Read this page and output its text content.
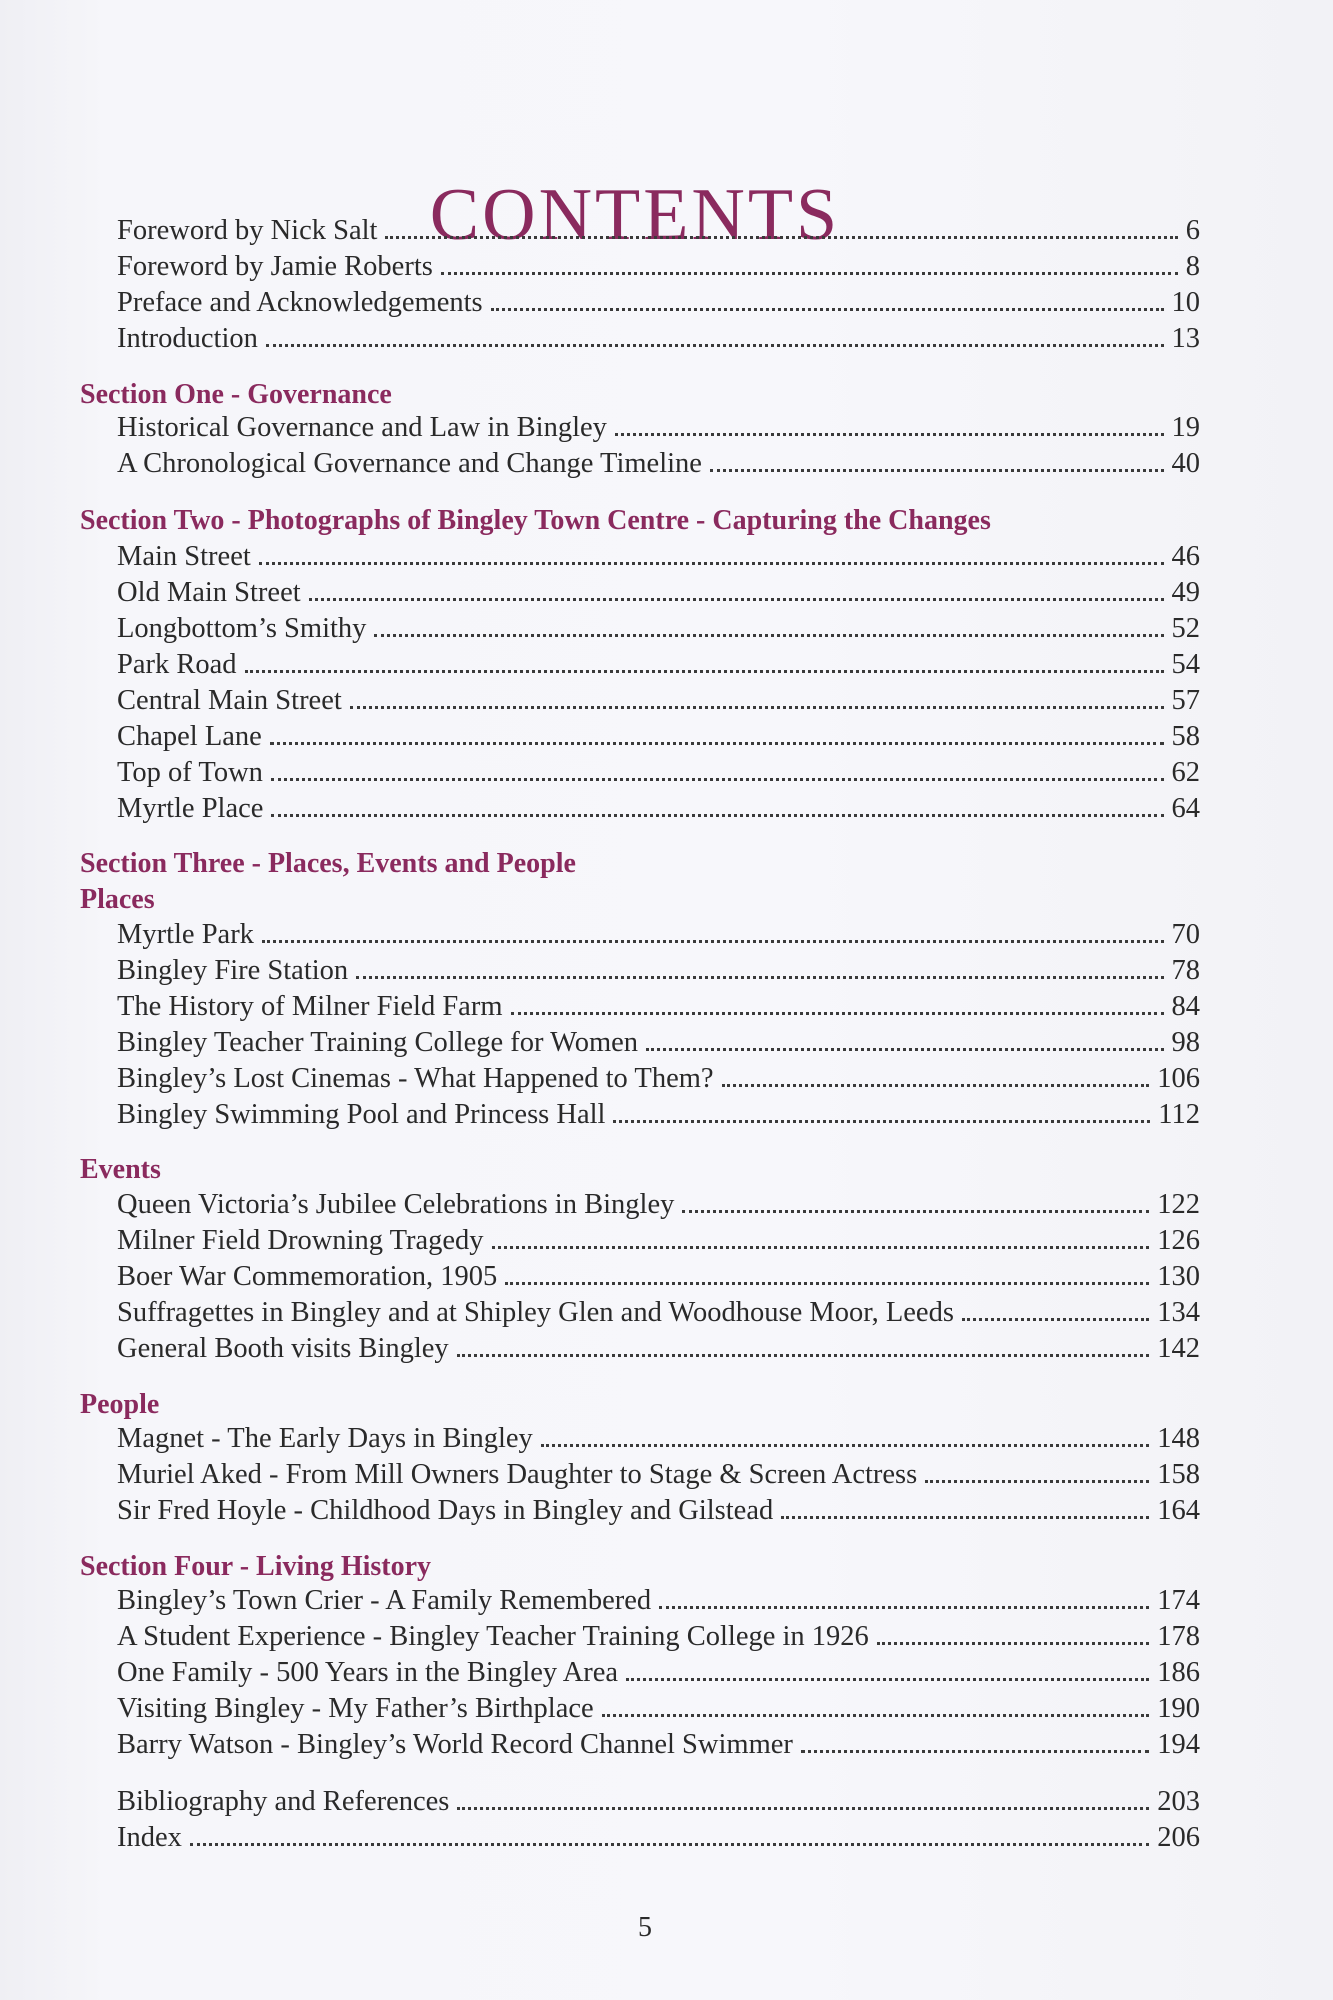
CONTENTS
Foreword by Nick Salt	6
Foreword by Jamie Roberts	8
Preface and Acknowledgements	10
Introduction	13
Section One - Governance
Historical Governance and Law in Bingley	19
A Chronological Governance and Change Timeline	40
Section Two - Photographs of Bingley Town Centre - Capturing the Changes
Main Street	46
Old Main Street	49
Longbottom’s Smithy	52
Park Road	54
Central Main Street	57
Chapel Lane	58
Top of Town	62
Myrtle Place	64
Section Three - Places, Events and People
Places
Myrtle Park	70
Bingley Fire Station	78
The History of Milner Field Farm	84
Bingley Teacher Training College for Women	98
Bingley’s Lost Cinemas - What Happened to Them?	106
Bingley Swimming Pool and Princess Hall	112
Events
Queen Victoria’s Jubilee Celebrations in Bingley	122
Milner Field Drowning Tragedy	126
Boer War Commemoration, 1905	130
Suffragettes in Bingley and at Shipley Glen and Woodhouse Moor, Leeds	134
General Booth visits Bingley	142
People
Magnet - The Early Days in Bingley	148
Muriel Aked - From Mill Owners Daughter to Stage & Screen Actress	158
Sir Fred Hoyle - Childhood Days in Bingley and Gilstead	164
Section Four - Living History
Bingley’s Town Crier - A Family Remembered	174
A Student Experience - Bingley Teacher Training College in 1926	178
One Family - 500 Years in the Bingley Area	186
Visiting Bingley - My Father’s Birthplace	190
Barry Watson - Bingley’s World Record Channel Swimmer	194
Bibliography and References	203
Index	206
5
